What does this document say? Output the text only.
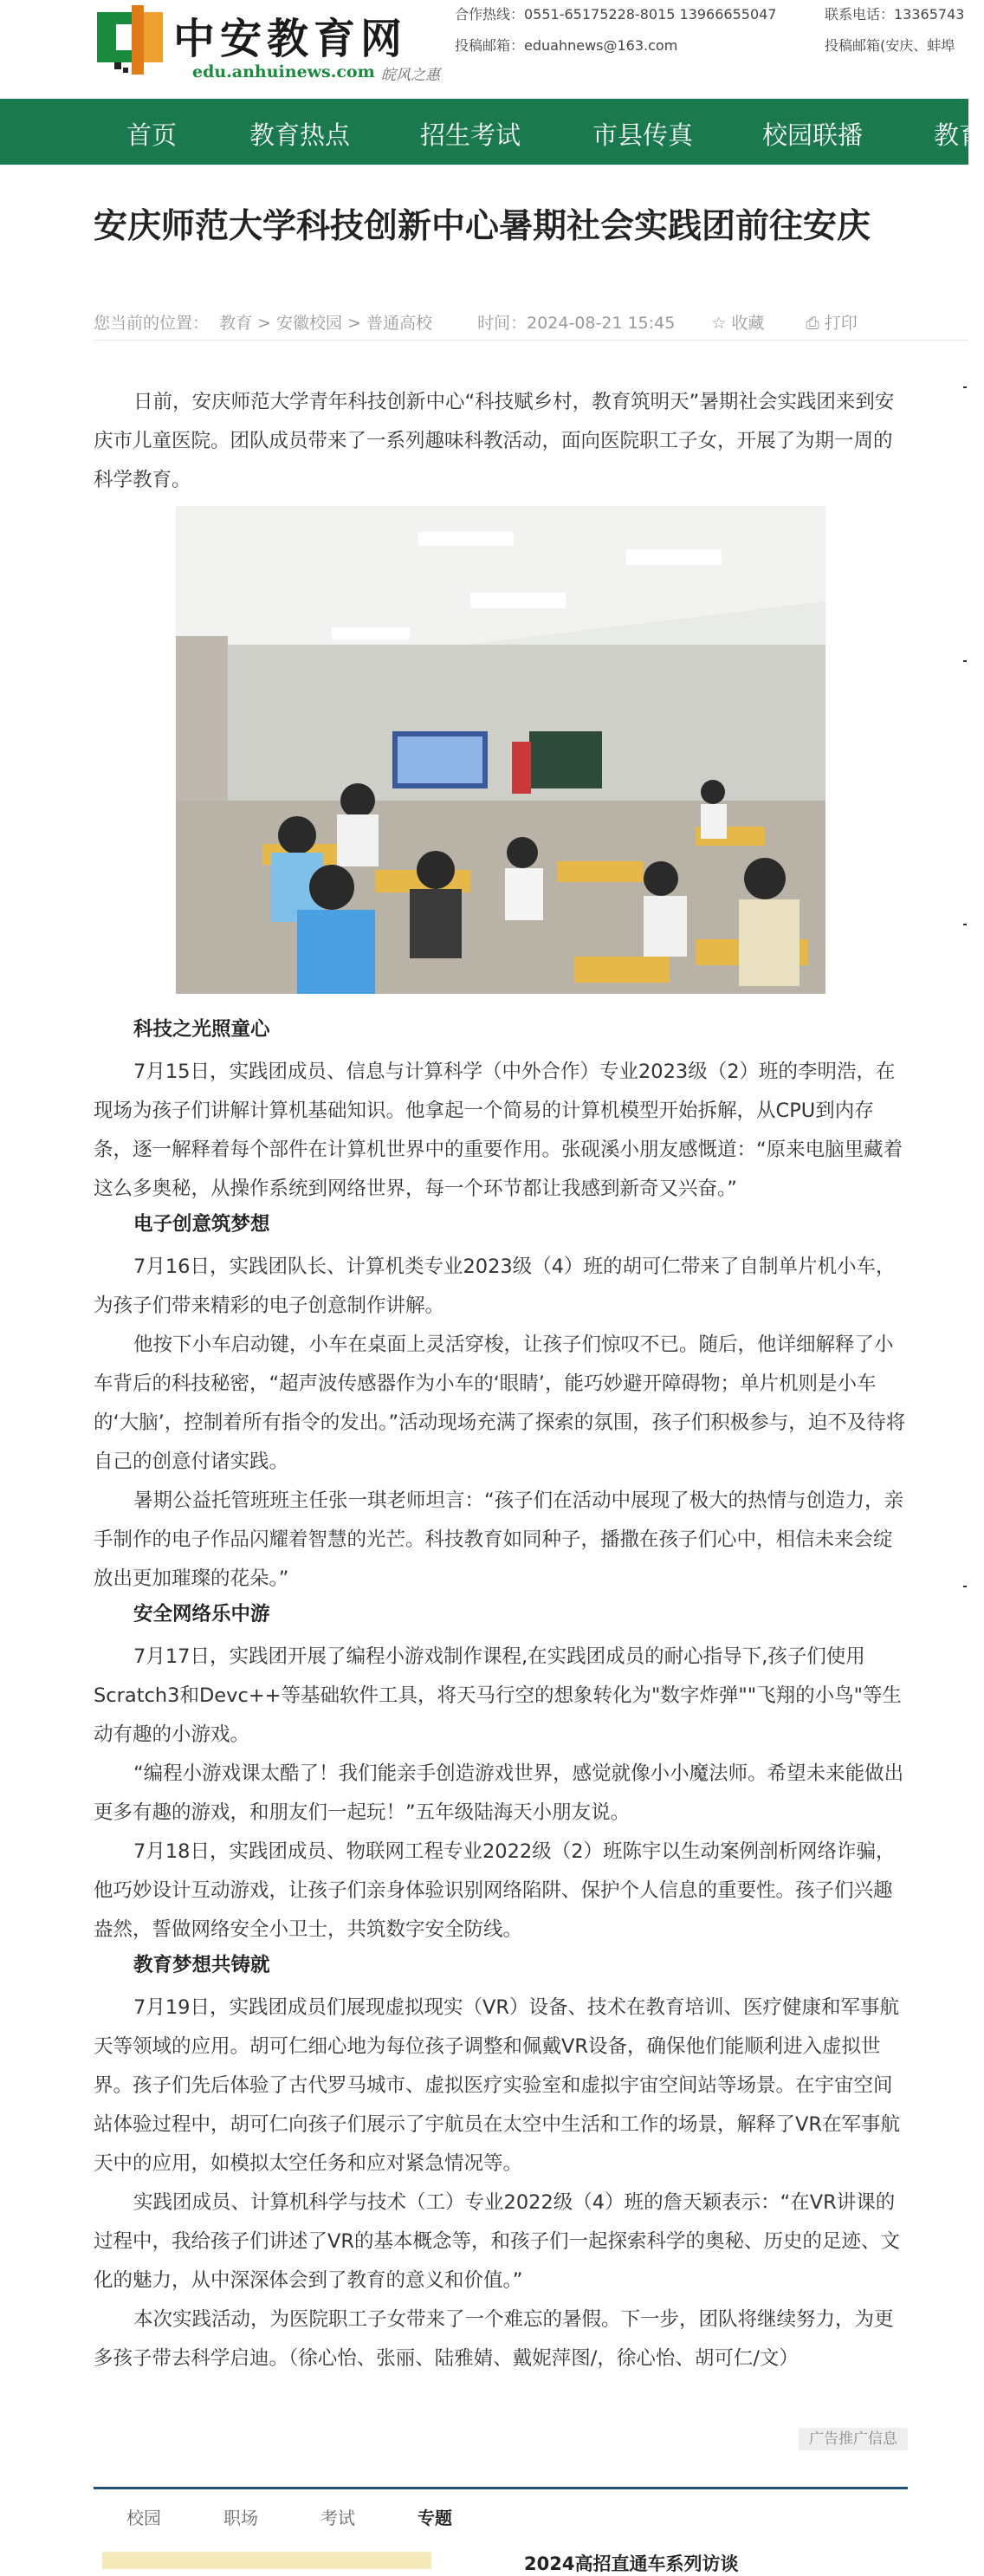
中安教育网
edu.anhuinews.com 皖风之惠
合作热线：0551-65175228-8015 13966655047
投稿邮箱：eduahnews@163.com
联系电话：13365743
投稿邮箱(安庆、蚌埠
首页	教育热点	招生考试	市县传真	校园联播	教育
安庆师范大学科技创新中心暑期社会实践团前往安庆
您当前的位置： 教育 > 安徽校园 > 普通高校	时间：2024-08-21 15:45 ☆ 收藏	⎙ 打印
日前，安庆师范大学青年科技创新中心“科技赋乡村，教育筑明天”暑期社会实践团来到安庆市儿童医院。团队成员带来了一系列趣味科教活动，面向医院职工子女，开展了为期一周的科学教育。
科技之光照童心
7月15日，实践团成员、信息与计算科学（中外合作）专业2023级（2）班的李明浩，在现场为孩子们讲解计算机基础知识。他拿起一个简易的计算机模型开始拆解，从CPU到内存条，逐一解释着每个部件在计算机世界中的重要作用。张砚溪小朋友感慨道：“原来电脑里藏着这么多奥秘，从操作系统到网络世界，每一个环节都让我感到新奇又兴奋。”
电子创意筑梦想
7月16日，实践团队长、计算机类专业2023级（4）班的胡可仁带来了自制单片机小车，为孩子们带来精彩的电子创意制作讲解。
他按下小车启动键，小车在桌面上灵活穿梭，让孩子们惊叹不已。随后，他详细解释了小车背后的科技秘密，“超声波传感器作为小车的‘眼睛’，能巧妙避开障碍物；单片机则是小车的‘大脑’，控制着所有指令的发出。”活动现场充满了探索的氛围，孩子们积极参与，迫不及待将自己的创意付诸实践。
暑期公益托管班班主任张一琪老师坦言：“孩子们在活动中展现了极大的热情与创造力，亲手制作的电子作品闪耀着智慧的光芒。科技教育如同种子，播撒在孩子们心中，相信未来会绽放出更加璀璨的花朵。”
安全网络乐中游
7月17日，实践团开展了编程小游戏制作课程,在实践团成员的耐心指导下,孩子们使用Scratch3和Devc++等基础软件工具，将天马行空的想象转化为"数字炸弹""飞翔的小鸟"等生动有趣的小游戏。
“编程小游戏课太酷了！我们能亲手创造游戏世界，感觉就像小小魔法师。希望未来能做出更多有趣的游戏，和朋友们一起玩！”五年级陆海天小朋友说。
7月18日，实践团成员、物联网工程专业2022级（2）班陈宇以生动案例剖析网络诈骗，他巧妙设计互动游戏，让孩子们亲身体验识别网络陷阱、保护个人信息的重要性。孩子们兴趣盎然，誓做网络安全小卫士，共筑数字安全防线。
教育梦想共铸就
7月19日，实践团成员们展现虚拟现实（VR）设备、技术在教育培训、医疗健康和军事航天等领域的应用。胡可仁细心地为每位孩子调整和佩戴VR设备，确保他们能顺利进入虚拟世界。孩子们先后体验了古代罗马城市、虚拟医疗实验室和虚拟宇宙空间站等场景。在宇宙空间站体验过程中，胡可仁向孩子们展示了宇航员在太空中生活和工作的场景，解释了VR在军事航天中的应用，如模拟太空任务和应对紧急情况等。
实践团成员、计算机科学与技术（工）专业2022级（4）班的詹天颖表示：“在VR讲课的过程中，我给孩子们讲述了VR的基本概念等，和孩子们一起探索科学的奥秘、历史的足迹、文化的魅力，从中深深体会到了教育的意义和价值。”
本次实践活动，为医院职工子女带来了一个难忘的暑假。下一步，团队将继续努力，为更多孩子带去科学启迪。（徐心怡、张丽、陆雅婧、戴妮萍图/，徐心怡、胡可仁/文）
广告推广信息
校园	职场	考试	专题
2024高招直通车系列访谈
